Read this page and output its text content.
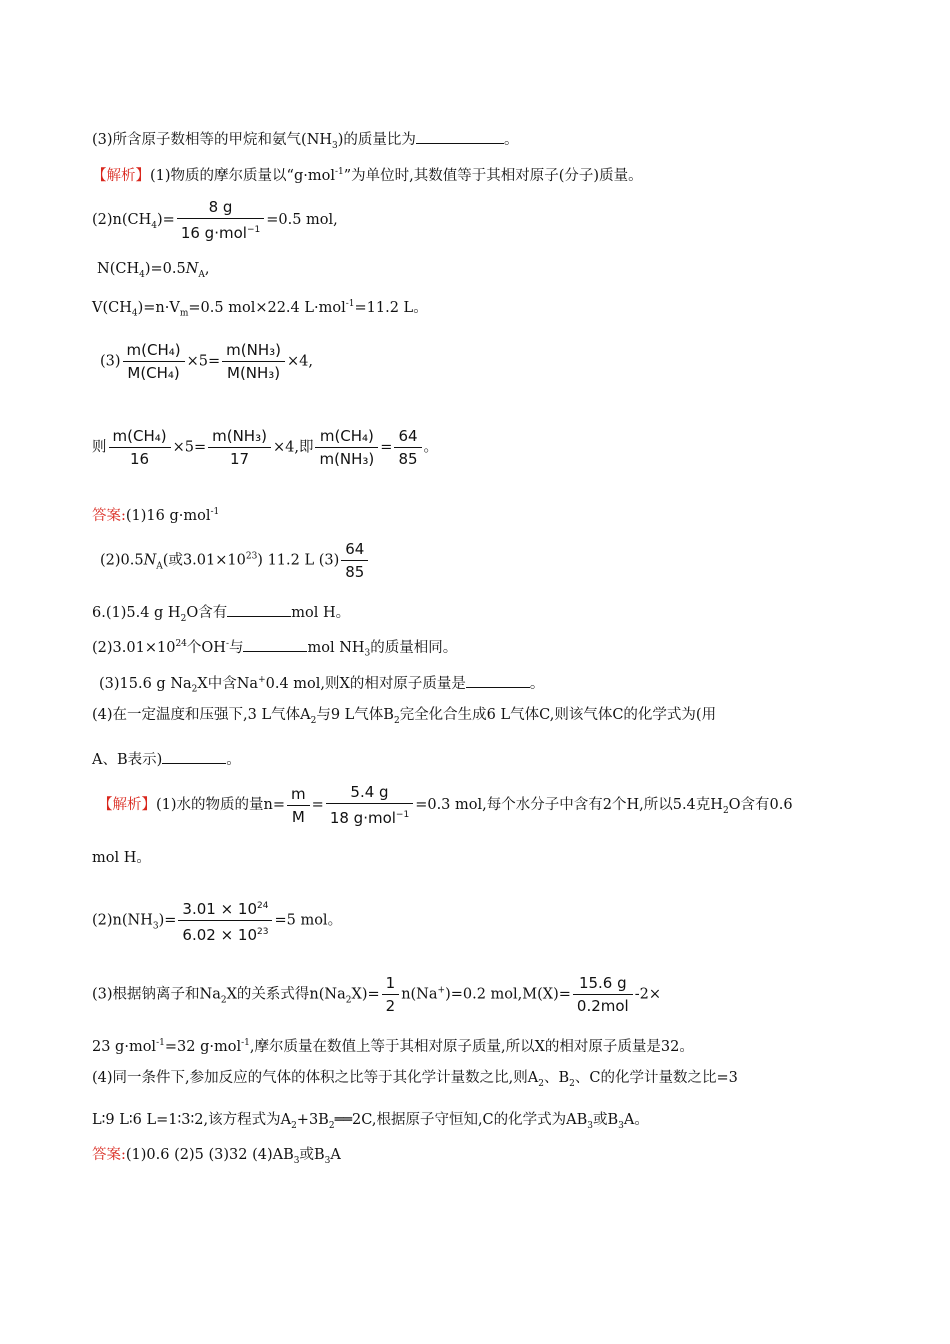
(3)所含原子数相等的甲烷和氨气$(NH_3)$的质量比为	。
【解析】(1)物质的摩尔质量以“g·mol$^{-1}$”为单位时,其数值等于其相对原子(分子)质量。
$(2)n(CH_4)= \frac{8 g}{16 g\cdot mol^{-1}} =0.5$ mol,
$N(CH_4)=0.5N_A$,
$V(CH_4)=n\cdot V_m=0.5$ mol×22.4 L·mol$^{-1}$=11.2 L。
$(3) \frac{\text{m(CH₄)}}{\text{M(CH₄)}} \times 5= \frac{\text{m(NH₃)}}{\text{M(NH₃)}} \times 4$,
则 $\frac{\text{m(CH₄)}}{16} \times 5= \frac{\text{m(NH₃)}}{17} \times 4$,即 $\frac{\text{m(CH₄)}}{\text{m(NH₃)}} = \frac{64}{85}$ 。
答案:(1)16 g·mol$^{-1}$
$(2)0.5N_A$(或$3.01\times 10^{23}$) 11.2 L $(3) \frac{64}{85}$
6.(1)5.4 g $H_2O$含有	mol H。
$(2)3.01\times 10^{24}$个OH-与	mol $NH_3$的质量相同。
(3)15.6 g $Na_2X$中含Na+0.4 mol,则X的相对原子质量是	。
(4)在一定温度和压强下,3 L气体$A_2$与9 L气体$B_2$完全化合生成6 L气体C,则该气体C的化学式为(用
A、B表示)	。
【解析】(1)水的物质的量$n= \frac{m}{M} = \frac{5.4 g}{18 g\cdot mol^{-1}} =0.3$ mol,每个水分子中含有2个H,所以5.4克$H_2O$含有0.6
mol H。
$(2)n(NH_3)= \frac{3.01 \times 10^{24}}{6.02 \times 10^{23}} =5$ mol。
(3)根据钠离子和$Na_2X$的关系式得$n(Na_2X)= \frac{1}{2} n(Na^+)=0.2$ $mol,M(X)= \frac{15.6 g}{\text{0.2mol}} -2\times$
23 g·mol$^{-1}$=32 g·mol$^{-1}$,摩尔质量在数值上等于其相对原子质量,所以X的相对原子质量是32。
(4)同一条件下,参加反应的气体的体积之比等于其化学计量数之比,则$A_2$、$B_2$、C的化学计量数之比=3
L∶9 L∶6 L=1∶3∶2,该方程式为$A_2+3B_2══2C$,根据原子守恒知,C的化学式为$AB_3$或$B_3A$。
答案:(1)0.6 (2)5 (3)32 $(4)AB_3$或$B_3A$
